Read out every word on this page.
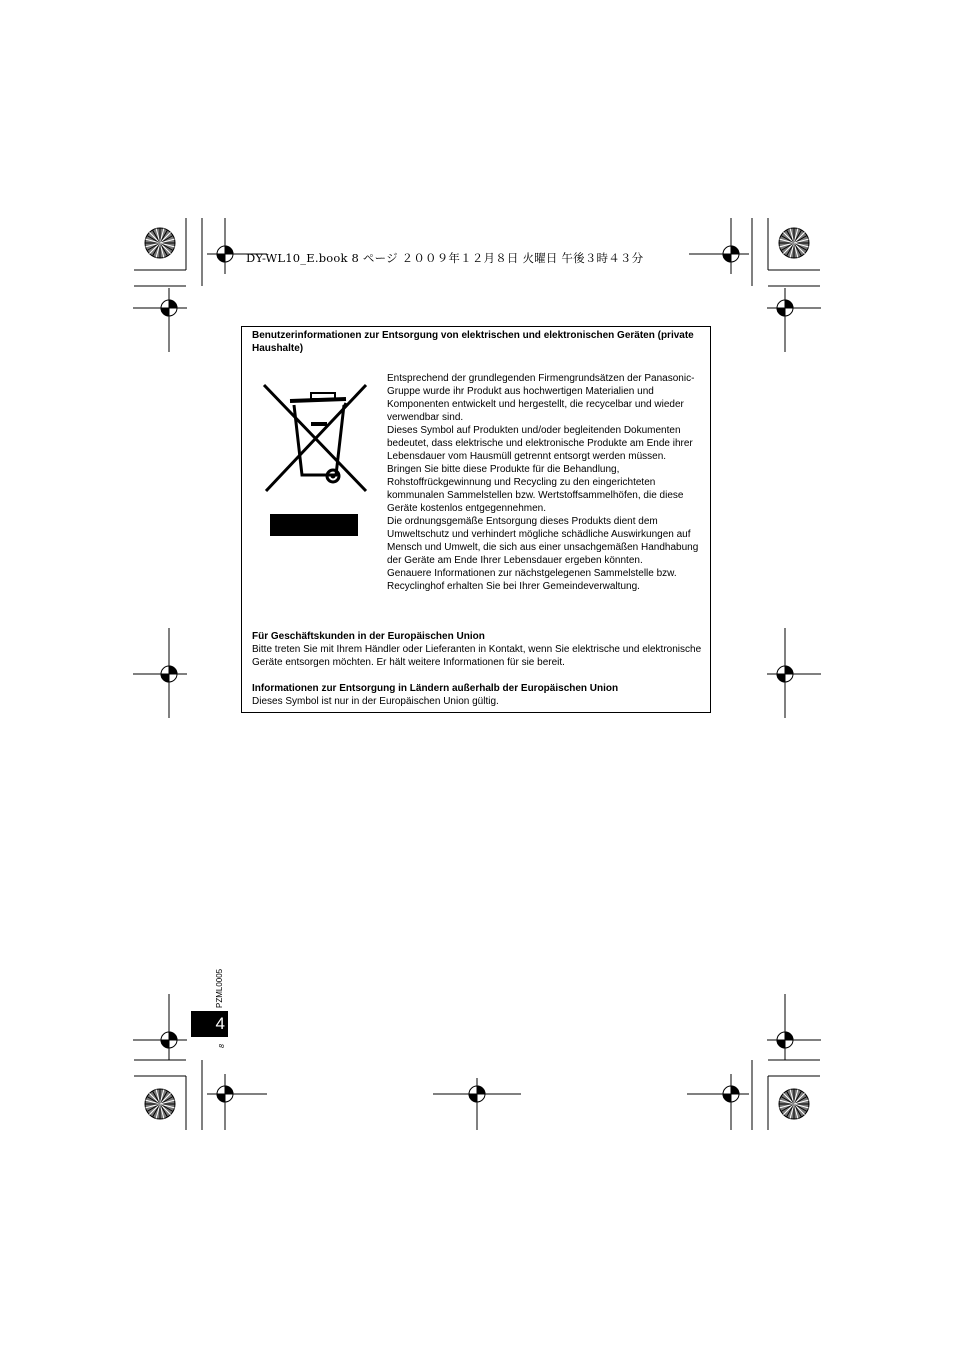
DY-WL10_E.book 8 ページ ２００９年１２月８日 火曜日 午後３時４３分
Benutzerinformationen zur Entsorgung von elektrischen und elektronischen Geräten (private Haushalte)

Entsprechend der grundlegenden Firmengrundsätzen der Panasonic-Gruppe wurde ihr Produkt aus hochwertigen Materialien und Komponenten entwickelt und hergestellt, die recycelbar und wieder verwendbar sind.

Dieses Symbol auf Produkten und/oder begleitenden Dokumenten bedeutet, dass elektrische und elektronische Produkte am Ende ihrer Lebensdauer vom Hausmüll getrennt entsorgt werden müssen.

Bringen Sie bitte diese Produkte für die Behandlung, Rohstoffrückgewinnung und Recycling zu den eingerichteten kommunalen Sammelstellen bzw. Wertstoffsammelhöfen, die diese Geräte kostenlos entgegennehmen.

Die ordnungsgemäße Entsorgung dieses Produkts dient dem Umweltschutz und verhindert mögliche schädliche Auswirkungen auf Mensch und Umwelt, die sich aus einer unsachgemäßen Handhabung der Geräte am Ende Ihrer Lebensdauer ergeben könnten.

Genauere Informationen zur nächstgelegenen Sammelstelle bzw. Recyclinghof erhalten Sie bei Ihrer Gemeindeverwaltung.

Für Geschäftskunden in der Europäischen Union
Bitte treten Sie mit Ihrem Händler oder Lieferanten in Kontakt, wenn Sie elektrische und elektronische Geräte entsorgen möchten. Er hält weitere Informationen für sie bereit.
Informationen zur Entsorgung in Ländern außerhalb der Europäischen Union
Dieses Symbol ist nur in der Europäischen Union gültig.
PZML0005
4
8
